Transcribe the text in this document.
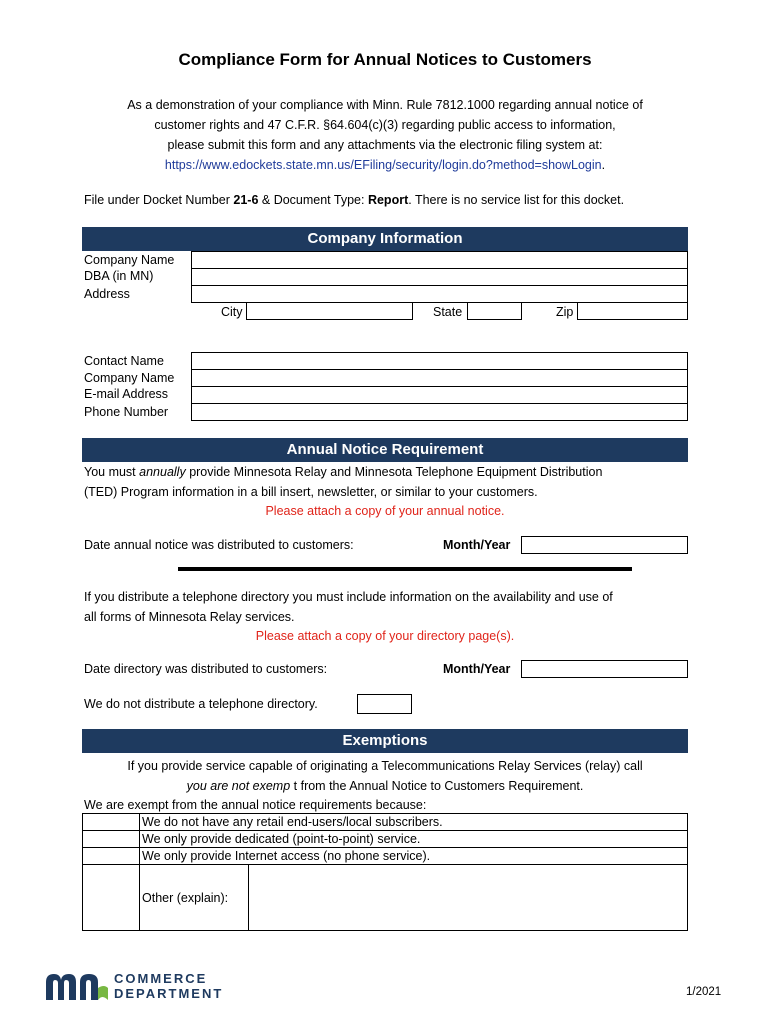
Compliance Form for Annual Notices to Customers
As a demonstration of your compliance with Minn. Rule 7812.1000 regarding annual notice of
customer rights and 47 C.F.R. §64.604(c)(3) regarding public access to information,
please submit this form and any attachments via the electronic filing system at:
https://www.edockets.state.mn.us/EFiling/security/login.do?method=showLogin.
File under Docket Number 21-6 & Document Type: Report. There is no service list for this docket.
Company Information
Company Name
DBA (in MN)
Address
City	State	Zip
Contact Name
Company Name
E-mail Address
Phone Number
Annual Notice Requirement
You must annually provide Minnesota Relay and Minnesota Telephone Equipment Distribution
(TED) Program information in a bill insert, newsletter, or similar to your customers.
Please attach a copy of your annual notice.
Date annual notice was distributed to customers:	Month/Year
If you distribute a telephone directory you must include information on the availability and use of
all forms of Minnesota Relay services.
Please attach a copy of your directory page(s).
Date directory was distributed to customers:	Month/Year
We do not distribute a telephone directory.
Exemptions
If you provide service capable of originating a Telecommunications Relay Services (relay) call
you are not exemp t from the Annual Notice to Customers Requirement.
We are exempt from the annual notice requirements because:
	We do not have any retail end-users/local subscribers.	
	We only provide dedicated (point-to-point) service.	
	We only provide Internet access (no phone service).	
	Other (explain):	
COMMERCE
DEPARTMENT	1/2021
